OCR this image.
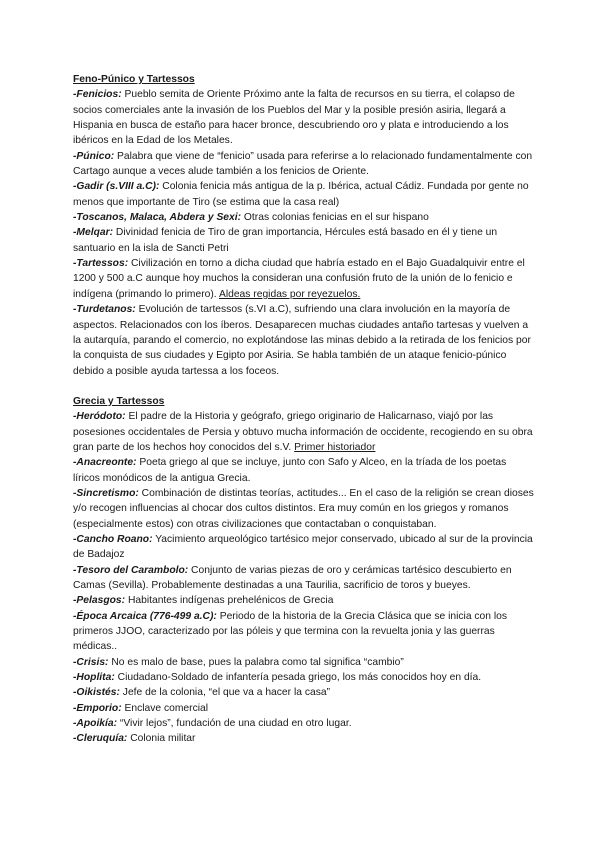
Feno-Púnico y Tartessos

-Fenicios: Pueblo semita de Oriente Próximo ante la falta de recursos en su tierra, el colapso de socios comerciales ante la invasión de los Pueblos del Mar y la posible presión asiria, llegará a Hispania en busca de estaño para hacer bronce, descubriendo oro y plata e introduciendo a los ibéricos en la Edad de los Metales.

-Púnico: Palabra que viene de “fenicio” usada para referirse a lo relacionado fundamentalmente con Cartago aunque a veces alude también a los fenicios de Oriente.

-Gadir (s.VIII a.C): Colonia fenicia más antigua de la p. Ibérica, actual Cádiz. Fundada por gente no menos que importante de Tiro (se estima que la casa real)

-Toscanos, Malaca, Abdera y Sexi: Otras colonias fenicias en el sur hispano

-Melqar: Divinidad fenicia de Tiro de gran importancia, Hércules está basado en él y tiene un santuario en la isla de Sancti Petri

-Tartessos: Civilización en torno a dicha ciudad que habría estado en el Bajo Guadalquivir entre el 1200 y 500 a.C aunque hoy muchos la consideran una confusión fruto de la unión de lo fenicio e indígena (primando lo primero). Aldeas regidas por reyezuelos.

-Turdetanos: Evolución de tartessos (s.VI a.C), sufriendo una clara involución en la mayoría de aspectos. Relacionados con los íberos. Desaparecen muchas ciudades antaño tartesas y vuelven a la autarquía, parando el comercio, no explotándose las minas debido a la retirada de los fenicios por la conquista de sus ciudades y Egipto por Asiria. Se habla también de un ataque fenicio-púnico debido a posible ayuda tartessa a los foceos.

Grecia y Tartessos

-Heródoto: El padre de la Historia y geógrafo, griego originario de Halicarnaso, viajó por las posesiones occidentales de Persia y obtuvo mucha información de occidente, recogiendo en su obra gran parte de los hechos hoy conocidos del s.V. Primer historiador

-Anacreonte: Poeta griego al que se incluye, junto con Safo y Alceo, en la tríada de los poetas líricos monódicos de la antigua Grecia.

-Sincretismo: Combinación de distintas teorías, actitudes... En el caso de la religión se crean dioses y/o recogen influencias al chocar dos cultos distintos. Era muy común en los griegos y romanos (especialmente estos) con otras civilizaciones que contactaban o conquistaban.

-Cancho Roano: Yacimiento arqueológico tartésico mejor conservado, ubicado al sur de la provincia de Badajoz

-Tesoro del Carambolo: Conjunto de varias piezas de oro y cerámicas tartésico descubierto en Camas (Sevilla). Probablemente destinadas a una Taurilia, sacrificio de toros y bueyes.

-Pelasgos: Habitantes indígenas prehelénicos de Grecia

-Época Arcaica (776-499 a.C): Periodo de la historia de la Grecia Clásica que se inicia con los primeros JJOO, caracterizado por las póleis y que termina con la revuelta jonia y las guerras médicas..

-Crisis: No es malo de base, pues la palabra como tal significa “cambio”

-Hoplita: Ciudadano-Soldado de infantería pesada griego, los más conocidos hoy en día.

-Oikistés: Jefe de la colonia, “el que va a hacer la casa”

-Emporio: Enclave comercial

-Apoikía: “Vivir lejos”, fundación de una ciudad en otro lugar.

-Cleruquía: Colonia militar
